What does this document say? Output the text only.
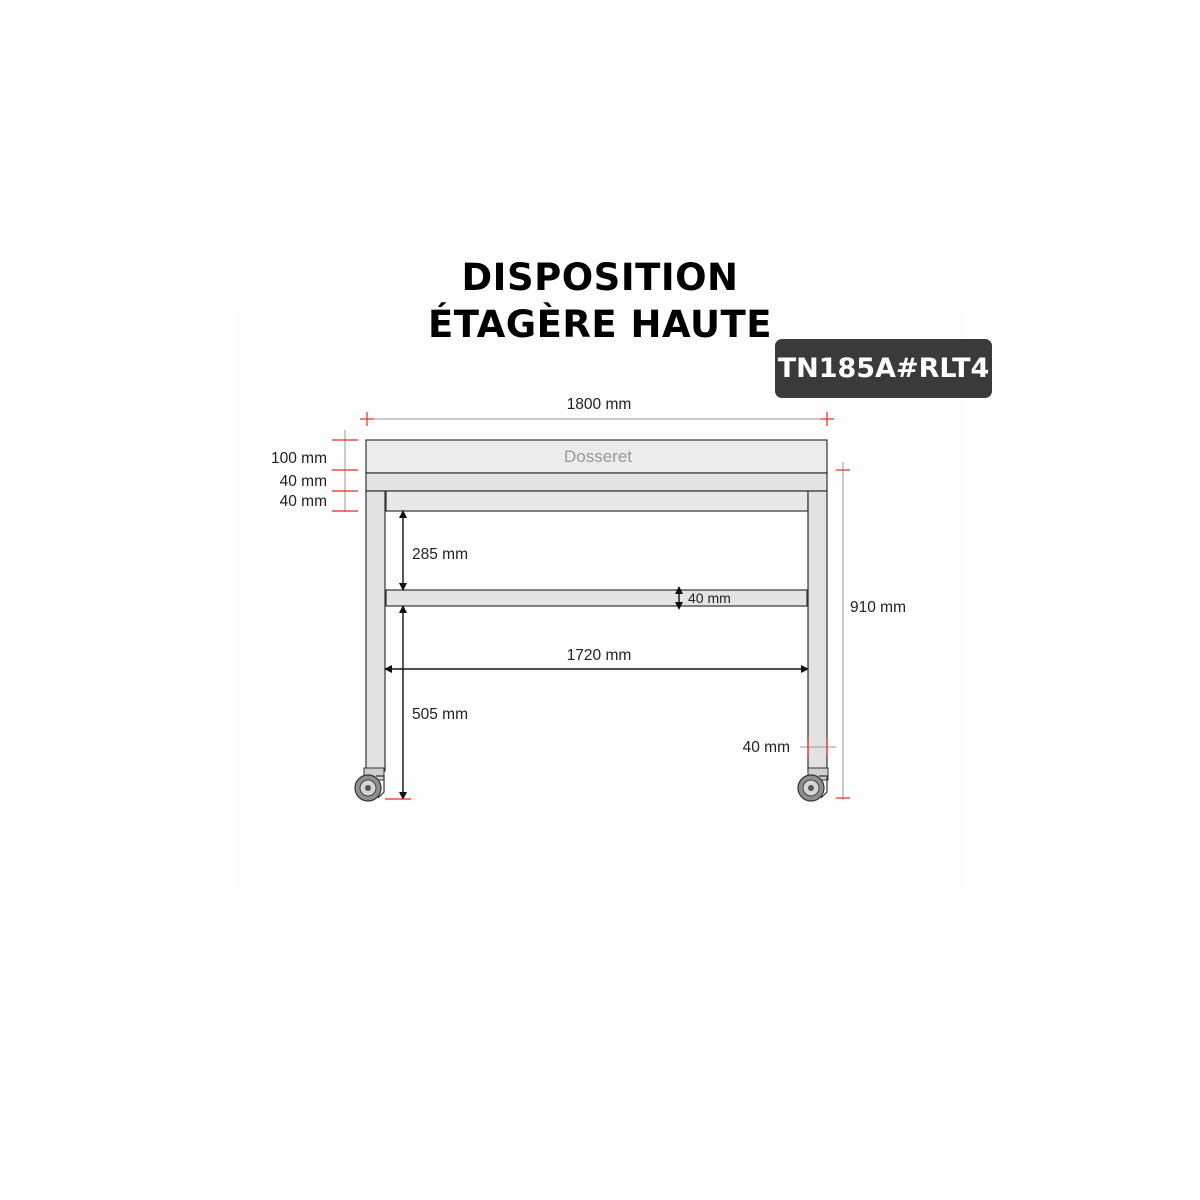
DISPOSITION
ÉTAGÈRE HAUTE
TN185A#RLT4
Dosseret
1800 mm
100 mm
40 mm
40 mm
285 mm
40 mm
1720 mm
505 mm
910 mm
40 mm
